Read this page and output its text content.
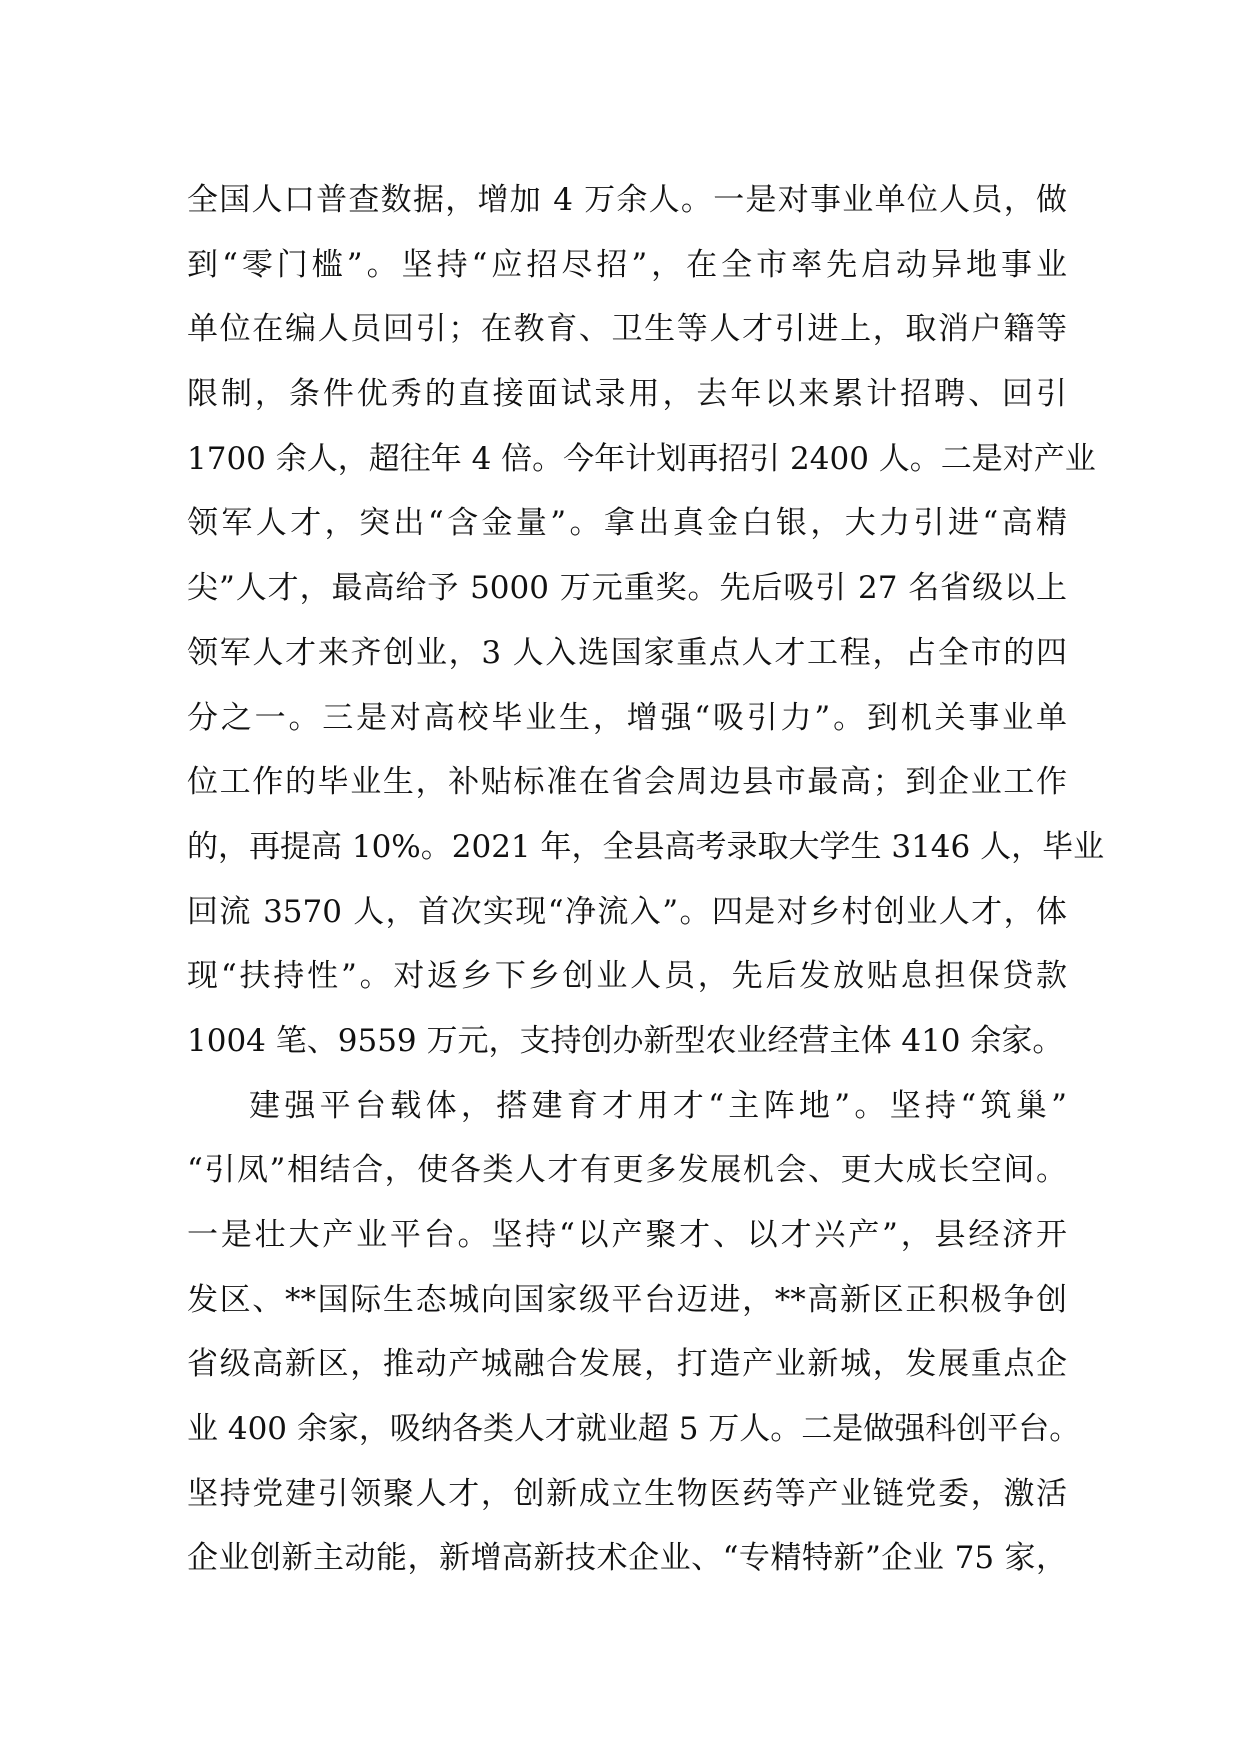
全国人口普查数据，增加 4 万余人。一是对事业单位人员，做
到“零门槛”。坚持“应招尽招”，在全市率先启动异地事业
单位在编人员回引；在教育、卫生等人才引进上，取消户籍等
限制，条件优秀的直接面试录用，去年以来累计招聘、回引
1700 余人，超往年 4 倍。今年计划再招引 2400 人。二是对产业
领军人才，突出“含金量”。拿出真金白银，大力引进“高精
尖”人才，最高给予 5000 万元重奖。先后吸引 27 名省级以上
领军人才来齐创业，3 人入选国家重点人才工程，占全市的四
分之一。三是对高校毕业生，增强“吸引力”。到机关事业单
位工作的毕业生，补贴标准在省会周边县市最高；到企业工作
的，再提高 10%。2021 年，全县高考录取大学生 3146 人，毕业
回流 3570 人，首次实现“净流入”。四是对乡村创业人才，体
现“扶持性”。对返乡下乡创业人员，先后发放贴息担保贷款
1004 笔、9559 万元，支持创办新型农业经营主体 410 余家。
建强平台载体，搭建育才用才“主阵地”。坚持“筑巢”
“引凤”相结合，使各类人才有更多发展机会、更大成长空间。
一是壮大产业平台。坚持“以产聚才、以才兴产”，县经济开
发区、**国际生态城向国家级平台迈进，**高新区正积极争创
省级高新区，推动产城融合发展，打造产业新城，发展重点企
业 400 余家，吸纳各类人才就业超 5 万人。二是做强科创平台。
坚持党建引领聚人才，创新成立生物医药等产业链党委，激活
企业创新主动能，新增高新技术企业、“专精特新”企业 75 家，
